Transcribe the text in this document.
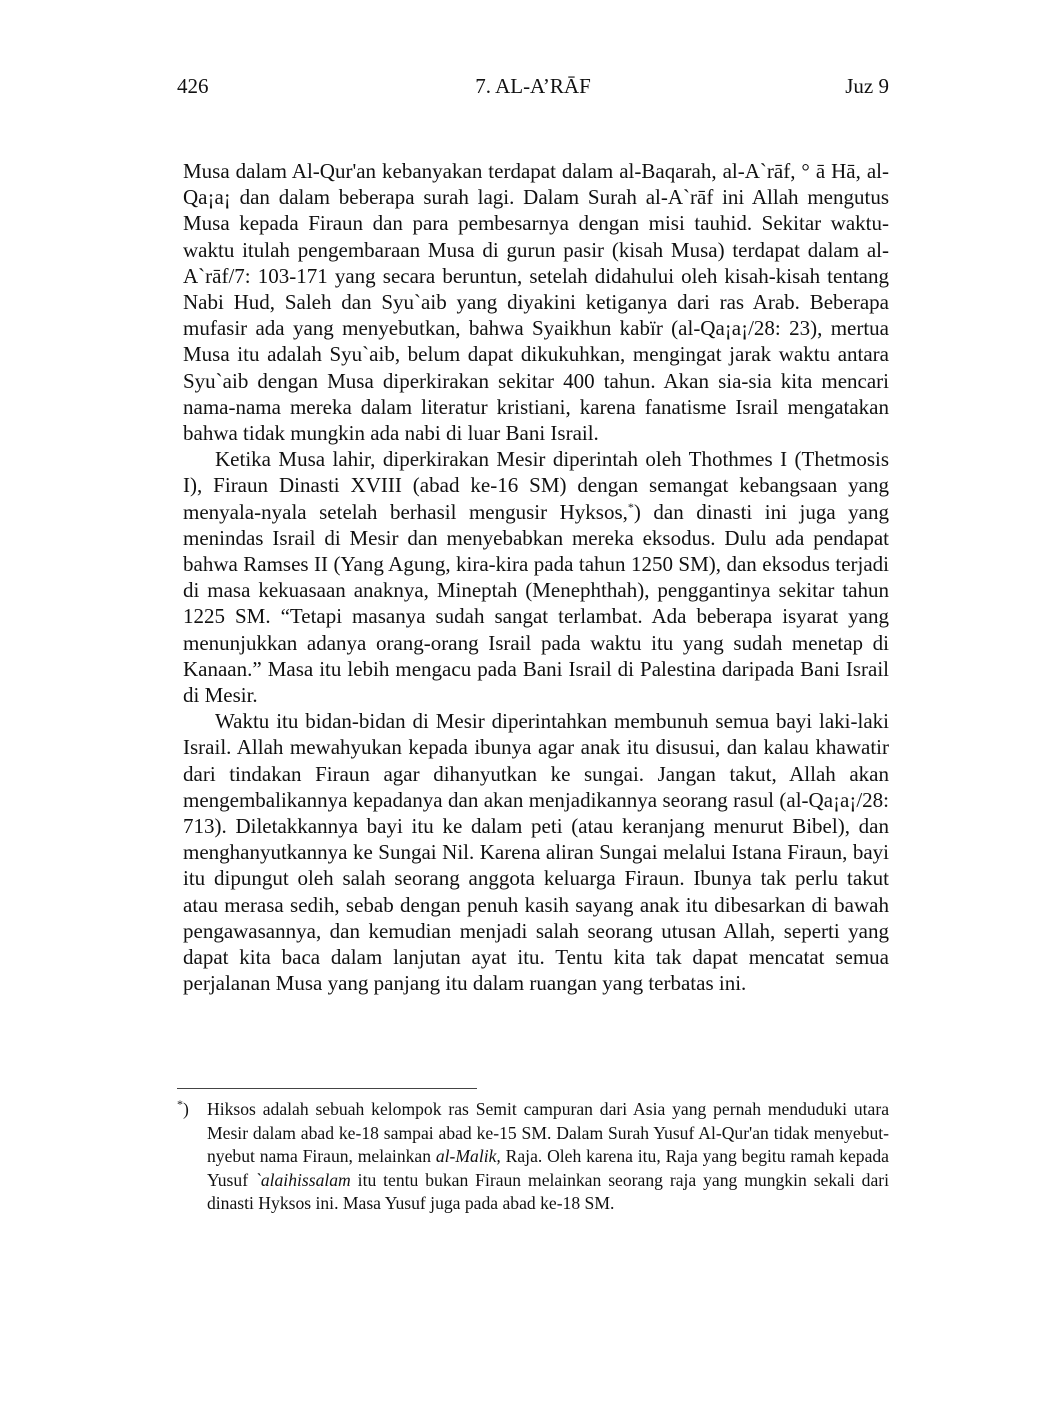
426	7. AL-A’RĀF	Juz 9

Musa dalam Al-Qur'an kebanyakan terdapat dalam al-Baqarah, al-A`rāf, ° ā Hā, al-Qa¡a¡ dan dalam beberapa surah lagi. Dalam Surah al-A`rāf ini Allah mengutus Musa kepada Firaun dan para pembesarnya dengan misi tauhid. Sekitar waktu-waktu itulah pengembaraan Musa di gurun pasir (kisah Musa) terdapat dalam al-A`rāf/7: 103-171 yang secara beruntun, setelah didahului oleh kisah-kisah tentang Nabi Hud, Saleh dan Syu`aib yang diyakini ketiganya dari ras Arab. Beberapa mufasir ada yang menyebutkan, bahwa Syaikhun kabïr (al-Qa¡a¡/28: 23), mertua Musa itu adalah Syu`aib, belum dapat dikukuhkan, mengingat jarak waktu antara Syu`aib dengan Musa diperkirakan sekitar 400 tahun. Akan sia-sia kita mencari nama-nama mereka dalam literatur kristiani, karena fanatisme Israil mengatakan bahwa tidak mungkin ada nabi di luar Bani Israil.

Ketika Musa lahir, diperkirakan Mesir diperintah oleh Thothmes I (Thetmosis I), Firaun Dinasti XVIII (abad ke-16 SM) dengan semangat kebangsaan yang menyala-nyala setelah berhasil mengusir Hyksos,*) dan dinasti ini juga yang menindas Israil di Mesir dan menyebabkan mereka eksodus. Dulu ada pendapat bahwa Ramses II (Yang Agung, kira-kira pada tahun 1250 SM), dan eksodus terjadi di masa kekuasaan anaknya, Mineptah (Menephthah), penggantinya sekitar tahun 1225 SM. “Tetapi masanya sudah sangat terlambat. Ada beberapa isyarat yang menunjukkan adanya orang-orang Israil pada waktu itu yang sudah menetap di Kanaan.” Masa itu lebih mengacu pada Bani Israil di Palestina daripada Bani Israil di Mesir.

Waktu itu bidan-bidan di Mesir diperintahkan membunuh semua bayi laki-laki Israil. Allah mewahyukan kepada ibunya agar anak itu disusui, dan kalau khawatir dari tindakan Firaun agar dihanyutkan ke sungai. Jangan takut, Allah akan mengembalikannya kepadanya dan akan menjadikannya seorang rasul (al-Qa¡a¡/28: 713). Diletakkannya bayi itu ke dalam peti (atau keranjang menurut Bibel), dan menghanyutkannya ke Sungai Nil. Karena aliran Sungai melalui Istana Firaun, bayi itu dipungut oleh salah seorang anggota keluarga Firaun. Ibunya tak perlu takut atau merasa sedih, sebab dengan penuh kasih sayang anak itu dibesarkan di bawah pengawasannya, dan kemudian menjadi salah seorang utusan Allah, seperti yang dapat kita baca dalam lanjutan ayat itu. Tentu kita tak dapat mencatat semua perjalanan Musa yang panjang itu dalam ruangan yang terbatas ini.

*) Hiksos adalah sebuah kelompok ras Semit campuran dari Asia yang pernah menduduki utara Mesir dalam abad ke-18 sampai abad ke-15 SM. Dalam Surah Yusuf Al-Qur'an tidak menyebut-nyebut nama Firaun, melainkan al-Malik, Raja. Oleh karena itu, Raja yang begitu ramah kepada Yusuf `alaihissalam itu tentu bukan Firaun melainkan seorang raja yang mungkin sekali dari dinasti Hyksos ini. Masa Yusuf juga pada abad ke-18 SM.
